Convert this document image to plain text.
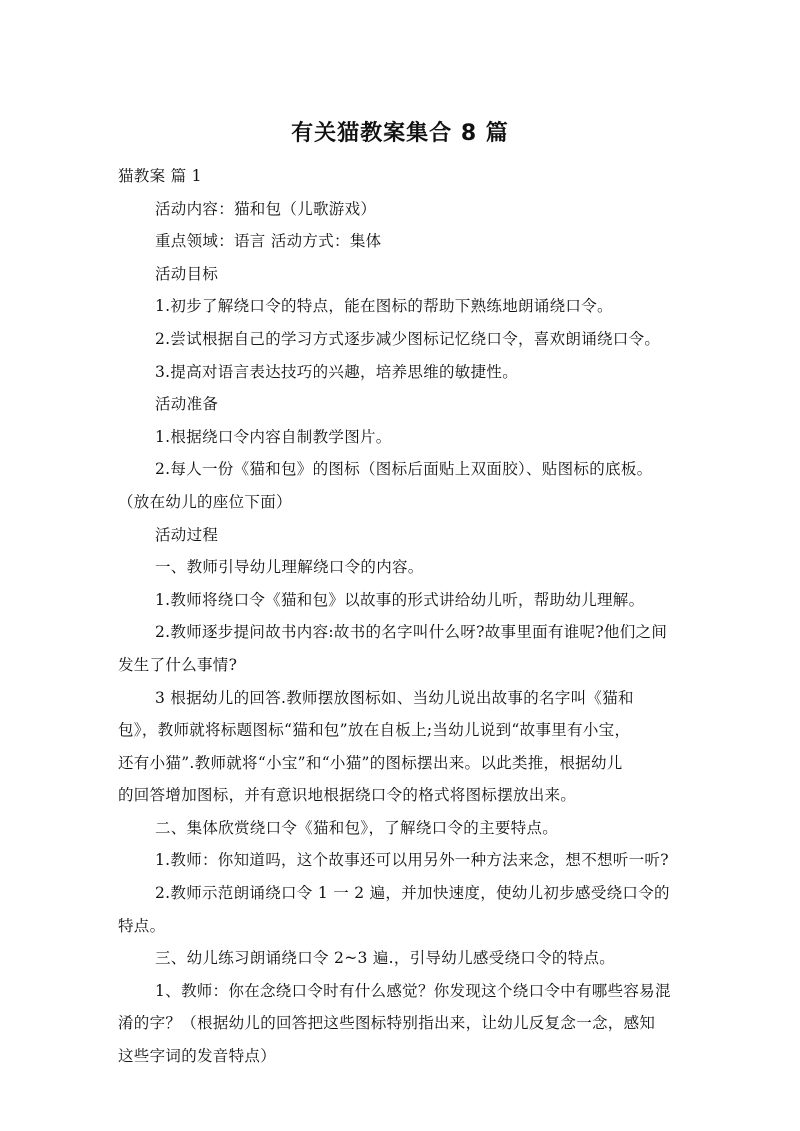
有关猫教案集合 8 篇
猫教案 篇 1
活动内容：猫和包（儿歌游戏）
重点领域：语言 活动方式：集体
活动目标
1.初步了解绕口令的特点，能在图标的帮助下熟练地朗诵绕口令。
2.尝试根据自己的学习方式逐步减少图标记忆绕口令，喜欢朗诵绕口令。
3.提高对语言表达技巧的兴趣，培养思维的敏捷性。
活动准备
1.根据绕口令内容自制教学图片。
2.每人一份《猫和包》的图标（图标后面贴上双面胶）、贴图标的底板。
（放在幼儿的座位下面）
活动过程
一、教师引导幼儿理解绕口令的内容。
1.教师将绕口令《猫和包》以故事的形式讲给幼儿听，帮助幼儿理解。
2.教师逐步提问故书内容:故书的名字叫什么呀?故事里面有谁呢?他们之间
发生了什么事情?
3 根据幼儿的回答.教师摆放图标如、当幼儿说出故事的名字叫《猫和
包》，教师就将标题图标“猫和包”放在自板上;当幼儿说到“故事里有小宝，
还有小猫”.教师就将“小宝”和“小猫”的图标摆出来。以此类推，根据幼儿
的回答增加图标，并有意识地根据绕口令的格式将图标摆放出来。
二、集体欣赏绕口令《猫和包》，了解绕口令的主要特点。
1.教师：你知道吗，这个故事还可以用另外一种方法来念，想不想听一听?
2.教师示范朗诵绕口令 1 一 2 遍，并加快速度，使幼儿初步感受绕口令的
特点。
三、幼儿练习朗诵绕口令 2~3 遍.，引导幼儿感受绕口令的特点。
1、教师：你在念绕口令时有什么感觉？你发现这个绕口令中有哪些容易混
淆的字？（根据幼儿的回答把这些图标特别指出来，让幼儿反复念一念，感知
这些字词的发音特点）
